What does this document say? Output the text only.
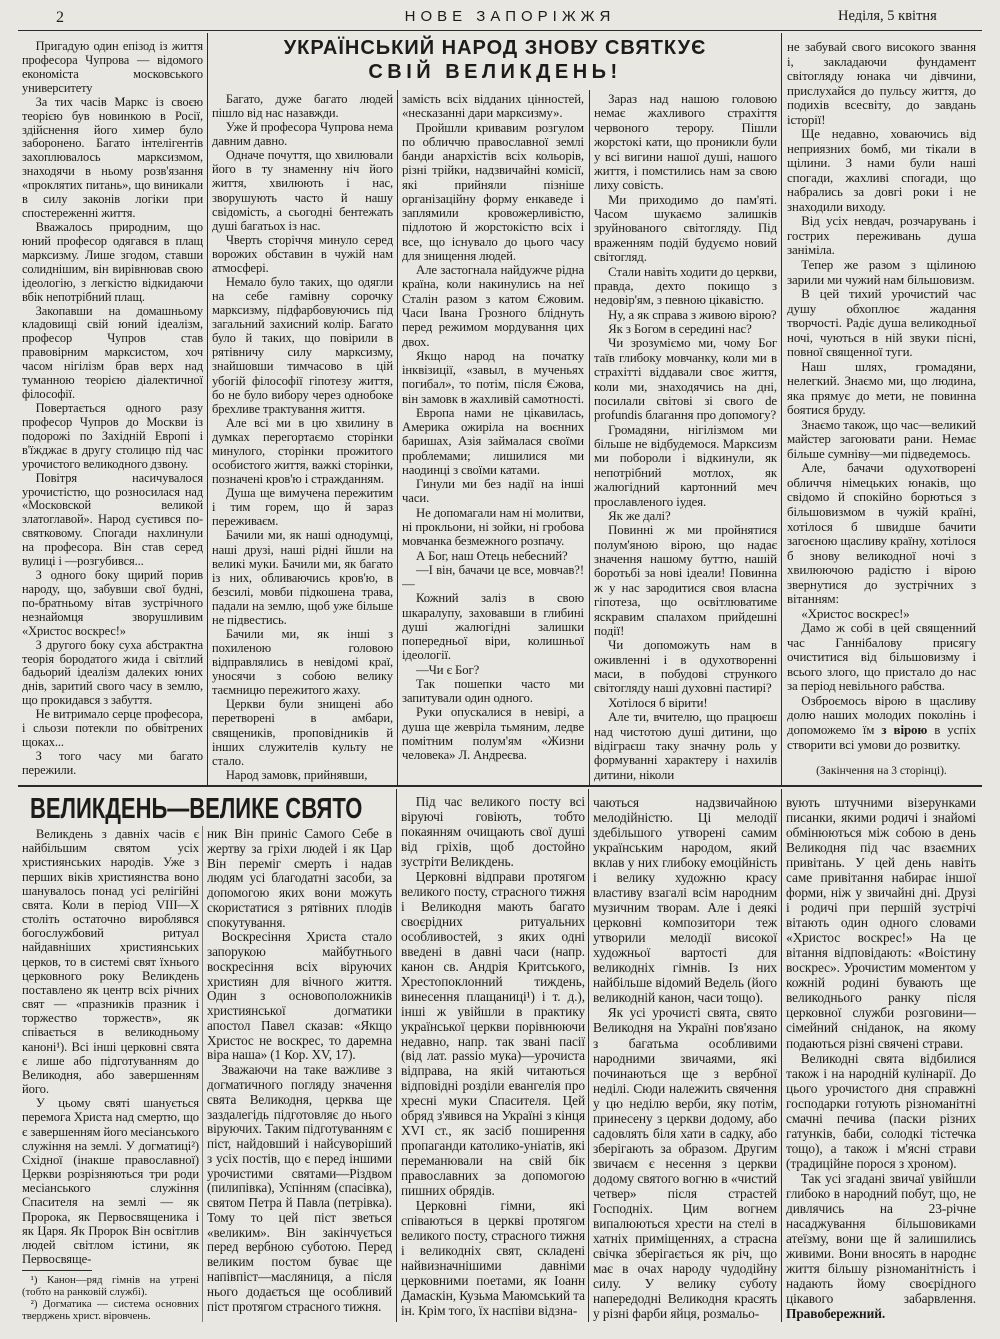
2	НОВЕ ЗАПОРІЖЖЯ	Неділя, 5 квітня
УКРАЇНСЬКИЙ НАРОД ЗНОВУ СВЯТКУЄ
СВІЙ ВЕЛИКДЕНЬ!

Пригадую один епізод із життя професора Чупрова — відомого економіста московського университету

За тих часів Маркс із своєю теорією був новинкою в Росії, здійснення його химер було заборонено. Багато інтелігентів захоплювалось марксизмом, знаходячи в ньому розв'язання «проклятих питань», що виникали в силу законів логіки при спостереженні життя.

Вважалось природним, що юний професор одягався в плащ марксизму. Лише згодом, ставши солиднішим, він вирівнював свою ідеологію, з легкістю відкидаючи вбік непотрібний плащ.

Закопавши на домашньому кладовищі свій юний ідеалізм, професор Чупров став правовірним марксистом, хоч часом нігілізм брав верх над туманною теорією діалектичної філософії.

Повертається одного разу професор Чупров до Москви із подорожі по Західній Европі і в'їжджає в другу столицю під час урочистого великодного дзвону.

Повітря насичувалося урочистістю, що розносилася над «Московской великой златоглавой». Народ суєтився по-святковому. Спогади нахлинули на професора. Він став серед вулиці і —розгубився...

З одного боку щирий порив народу, що, забувши свої будні, по-братньому вітав зустрічного незнайомця зворушливим «Христос воскрес!»

З другого боку суха абстрактна теорія бородатого жида і світлий бадьорий ідеалізм далеких юних днів, заритий свого часу в землю, що прокидався з забуття.

Не витримало серце професора, і сльози потекли по обвітрених щоках...

З того часу ми багато пережили.

Багато, дуже багато людей пішло від нас назавжди.

Уже й професора Чупрова нема давним давно.

Одначе почуття, що хвилювали його в ту знаменну ніч його життя, хвилюють і нас, зворушують часто й нашу свідомість, а сьогодні бентежать душі багатьох із нас.

Чверть сторіччя минуло серед ворожих обставин в чужій нам атмосфері.

Немало було таких, що одягли на себе гамівну сорочку марксизму, підфарбовуючись під загальний захисний колір. Багато було й таких, що повірили в рятівничу силу марксизму, знайшовши тимчасово в цій убогій філософії гіпотезу життя, бо не було вибору через однобоке брехливе трактування життя.

Але всі ми в цю хвилину в думках перегортаємо сторінки минулого, сторінки прожитого особистого життя, важкі сторінки, позначені кров'ю і стражданням.

Душа ще вимучена пережитим і тим горем, що й зараз переживаєм.

Бачили ми, як наші однодумці, наші друзі, наші рідні йшли на великі муки. Бачили ми, як багато із них, обливаючись кров'ю, в безсилі, мовби підкошена трава, падали на землю, щоб уже більше не підвестись.

Бачили ми, як інші з похиленою головою відправлялись в невідомі краї, уносячи з собою велику таємницю пережитого жаху.

Церкви були знищені або перетворені в амбари, священиків, проповідників й інших служителів культу не стало.

Народ замовк, прийнявши,

замість всіх відданих цінностей, «несказанні дари марксизму».

Пройшли кривавим розгулом по обличчю православної землі банди анархістів всіх кольорів, різні трійки, надзвичайні комісії, які прийняли пізніше організаційну форму енкаведе і заплямили кровожерливістю, підлотою й жорстокістю всіх і все, що існувало до цього часу для знищення людей.

Але застогнала найдужче рідна країна, коли накинулись на неї Сталін разом з катом Єжовим. Часи Івана Грозного бліднуть перед режимом мордування цих двох.

Якщо народ на початку інквізиції, «завыл, в мученьях погибал», то потім, після Єжова, він замовк в жахливій самотності.

Европа нами не цікавилась, Америка ожиріла на воєнних баришах, Азія займалася своїми проблемами; лишилися ми наодинці з своїми катами.

Гинули ми без надії на інші часи.

Не допомагали нам ні молитви, ні прокльони, ні зойки, ні гробова мовчанка безмежного розпачу.

А Бог, наш Отець небесний?

—І він, бачачи це все, мовчав?!—

Кожний заліз в свою шкаралупу, заховавши в глибині душі жалюгідні залишки попередньої віри, колишньої ідеології.

—Чи є Бог?

Так пошепки часто ми запитували один одного.

Руки опускалися в невірі, а душа ще жевріла тьмяним, ледве помітним полум'ям «Жизни человека» Л. Андреєва.

Зараз над нашою головою немає жахливого страхіття червоного терору. Пішли жорстокі кати, що проникли були у всі вигини нашої душі, нашого життя, і помстились нам за свою лиху совість.

Ми приходимо до пам'яті. Часом шукаємо залишків зруйнованого світогляду. Під враженням подій будуємо новий світогляд.

Стали навіть ходити до церкви, правда, дехто покищо з недовір'ям, з певною цікавістю.

Ну, а як справа з живою вірою?

Як з Богом в середині нас?

Чи зрозуміємо ми, чому Бог таїв глибоку мовчанку, коли ми в страхітті віддавали своє життя, коли ми, знаходячись на дні, посилали світові зі свого de profundis благання про допомогу?

Громадяни, нігілізмом ми більше не відбудемося. Марксизм ми побороли і відкинули, як непотрібний мотлох, як жалюгідний картонний меч прославленого іудея.

Як же далі?

Повинні ж ми пройнятися полум'яною вірою, що надає значення нашому буттю, нашій боротьбі за нові ідеали! Повинна ж у нас зародитися своя власна гіпотеза, що освітлюватиме яскравим спалахом прийдешні події!

Чи допоможуть нам в оживленні і в одухотворенні маси, в побудові стрункого світогляду наші духовні пастирі?

Хотілося б вірити!

Але ти, вчителю, що працюєш над чистотою душі дитини, що відіграєш таку значну роль у формуванні характеру і нахилів дитини, ніколи

не забувай свого високого звання і, закладаючи фундамент світогляду юнака чи дівчини, прислухайся до пульсу життя, до подихів всесвіту, до завдань історії!

Ще недавно, ховаючись від неприязних бомб, ми тікали в щілини. З нами були наші спогади, жахливі спогади, що набрались за довгі роки і не знаходили виходу.

Від усіх невдач, розчарувань і гострих переживань душа заніміла.

Тепер же разом з щілиною зарили ми чужий нам більшовизм.

В цей тихий урочистий час душу обхоплює жадання творчості. Радіє душа великодньої ночі, чуються в ній звуки пісні, повної священної туги.

Наш шлях, громадяни, нелегкий. Знаємо ми, що людина, яка прямує до мети, не повинна боятися бруду.

Знаємо також, що час—великий майстер загоювати рани. Немає більше сумніву—ми підведемось.

Але, бачачи одухотворені обличчя німецьких юнаків, що свідомо й спокійно борються з більшовизмом в чужій країні, хотілося б швидше бачити загоєною щасливу країну, хотілося б знову великодної ночі з хвилюючою радістю і вірою звернутися до зустрічних з вітанням:

«Христос воскрес!»

Дамо ж собі в цей священний час Ганнібалову присягу очиститися від більшовизму і всього злого, що пристало до нас за період невільного рабства.

Озброємось вірою в щасливу долю наших молодих поколінь і допоможемо їм з вірою в успіх створити всі умови до розвитку.

(Закінчення на 3 сторінці).
ВЕЛИКДЕНЬ—ВЕЛИКЕ СВЯТО

Великдень з давніх часів є найбільшим святом усіх християнських народів. Уже з перших віків християнства воно шанувалось понад усі релігійні свята. Коли в період VIII—X століть остаточно вироблявся богослужбовий ритуал найдавніших християнських церков, то в системі свят їхнього церковного року Великдень поставлено як центр всіх річних свят — «празників празник і торжество торжеств», як співається в великодньому каноні¹). Всі інші церковні свята є лише або підготуванням до Великодня, або завершенням його.

У цьому святі шанується перемога Христа над смертю, що є завершенням його месіанського служіння на землі. У догматиці²) Східної (інакше православної) Церкви розрізняються три роди месіанського служіння Спасителя на землі — як Пророка, як Первосвященика і як Царя. Як Пророк Він освітлив людей світлом істини, як Первосвяще-

¹) Канон—ряд гімнів на утрені (тобто на ранковій службі).

²) Догматика — система основних тверджень христ. віровчень.

ник Він приніс Самого Себе в жертву за гріхи людей і як Цар Він переміг смерть і надав людям усі благодатні засоби, за допомогою яких вони можуть скористатися з рятівних плодів спокутування.

Воскресіння Христа стало запорукою майбутнього воскресіння всіх віруючих християн для вічного життя. Один з основоположників християнської догматики апостол Павел сказав: «Якщо Христос не воскрес, то даремна віра наша» (1 Кор. XV, 17).

Зважаючи на таке важливе з догматичного погляду значення свята Великодня, церква ще заздалегідь підготовляє до нього віруючих. Таким підготуванням є піст, найдовший і найсуворіший з усіх постів, що є перед іншими урочистими святами—Різдвом (пилипівка), Успінням (спасівка), святом Петра й Павла (петрівка). Тому то цей піст зветься «великим». Він закінчується перед вербною суботою. Перед великим постом буває ще напівпіст—масляниця, а після нього додається ще особливий піст протягом страсного тижня.

Під час великого посту всі віруючі говіють, тобто покаянням очищають свої душі від гріхів, щоб достойно зустріти Великдень.

Церковні відправи протягом великого посту, страсного тижня і Великодня мають багато своєрідних ритуальних особливостей, з яких одні введені в давні часи (напр. канон св. Андрія Критського, Хрестопоклонний тиждень, винесення плащаниці¹) і т. д.), інші ж увійшли в практику української церкви порівнюючи недавно, напр. так звані пасії (від лат. passio мука)—урочиста відправа, на якій читаються відповідні розділи евангелія про хресні муки Спасителя. Цей обряд з'явився на Україні з кінця XVI ст., як засіб поширення пропаганди католико-уніатів, які переманювали на свій бік православних за допомогою пишних обрядів.

Церковні гімни, які співаються в церкві протягом великого посту, страсного тижня і великодніх свят, складені найвизначнішими давніми церковними поетами, як Іоанн Дамаскін, Кузьма Маюмський та ін. Крім того, їх наспіви відзна-

чаються надзвичайною мелодійністю. Ці мелодії здебільшого утворені самим українським народом, який вклав у них глибоку емоційність і велику художню красу властиву взагалі всім народним музичним творам. Але і деякі церковні композитори теж утворили мелодії високої художньої вартості для великодніх гімнів. Із них найбільше відомий Ведель (його великодній канон, часи тощо).

Як усі урочисті свята, свято Великодня на Україні пов'язано з багатьма особливими народними звичаями, які починаються ще з вербної неділі. Сюди належить свячення у цю неділю верби, яку потім, принесену з церкви додому, або садовлять біля хати в садку, або зберігають за образом. Другим звичаєм є несення з церкви додому святого вогню в «чистий четвер» після страстей Господніх. Цим вогнем випалюються хрести на стелі в хатніх приміщеннях, а страсна свічка зберігається як річ, що має в очах народу чудодійну силу. У велику суботу напередодні Великодня красять у різні фарби яйця, розмальо-

вують штучними візерунками писанки, якими родичі і знайомі обмінюються між собою в день Великодня під час взаємних привітань. У цей день навіть саме привітання набирає іншої форми, ніж у звичайні дні. Друзі і родичі при першій зустрічі вітають один одного словами «Христос воскрес!» На це вітання відповідають: «Воістину воскрес». Урочистим моментом у кожній родині бувають ще великоднього ранку після церковної служби розговини—сімейний сніданок, на якому подаються різні свячені страви.

Великодні свята відбилися також і на народній кулінарії. До цього урочистого дня справжні господарки готують різноманітні смачні печива (паски різних гатунків, баби, солодкі тістечка тощо), а також і м'ясні страви (традиційне порося з хроном).

Так усі згадані звичаї увійшли глибоко в народний побут, що, не дивлячись на 23-річне насаджування більшовиками атеїзму, вони ще й залишились живими. Вони вносять в народнє життя більшу різноманітність і надають йому своєрідного цікавого забарвлення. Правобережний.
